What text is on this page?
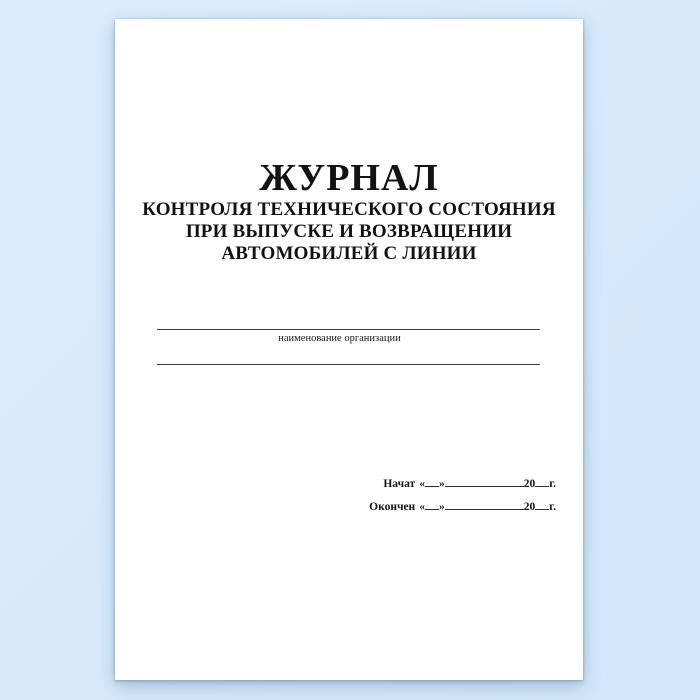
ЖУРНАЛ
КОНТРОЛЯ ТЕХНИЧЕСКОГО СОСТОЯНИЯ
ПРИ ВЫПУСКЕ И ВОЗВРАЩЕНИИ
АВТОМОБИЛЕЙ С ЛИНИИ
наименование организации
Начат « »	20 г.
Окончен « »	20 г.
